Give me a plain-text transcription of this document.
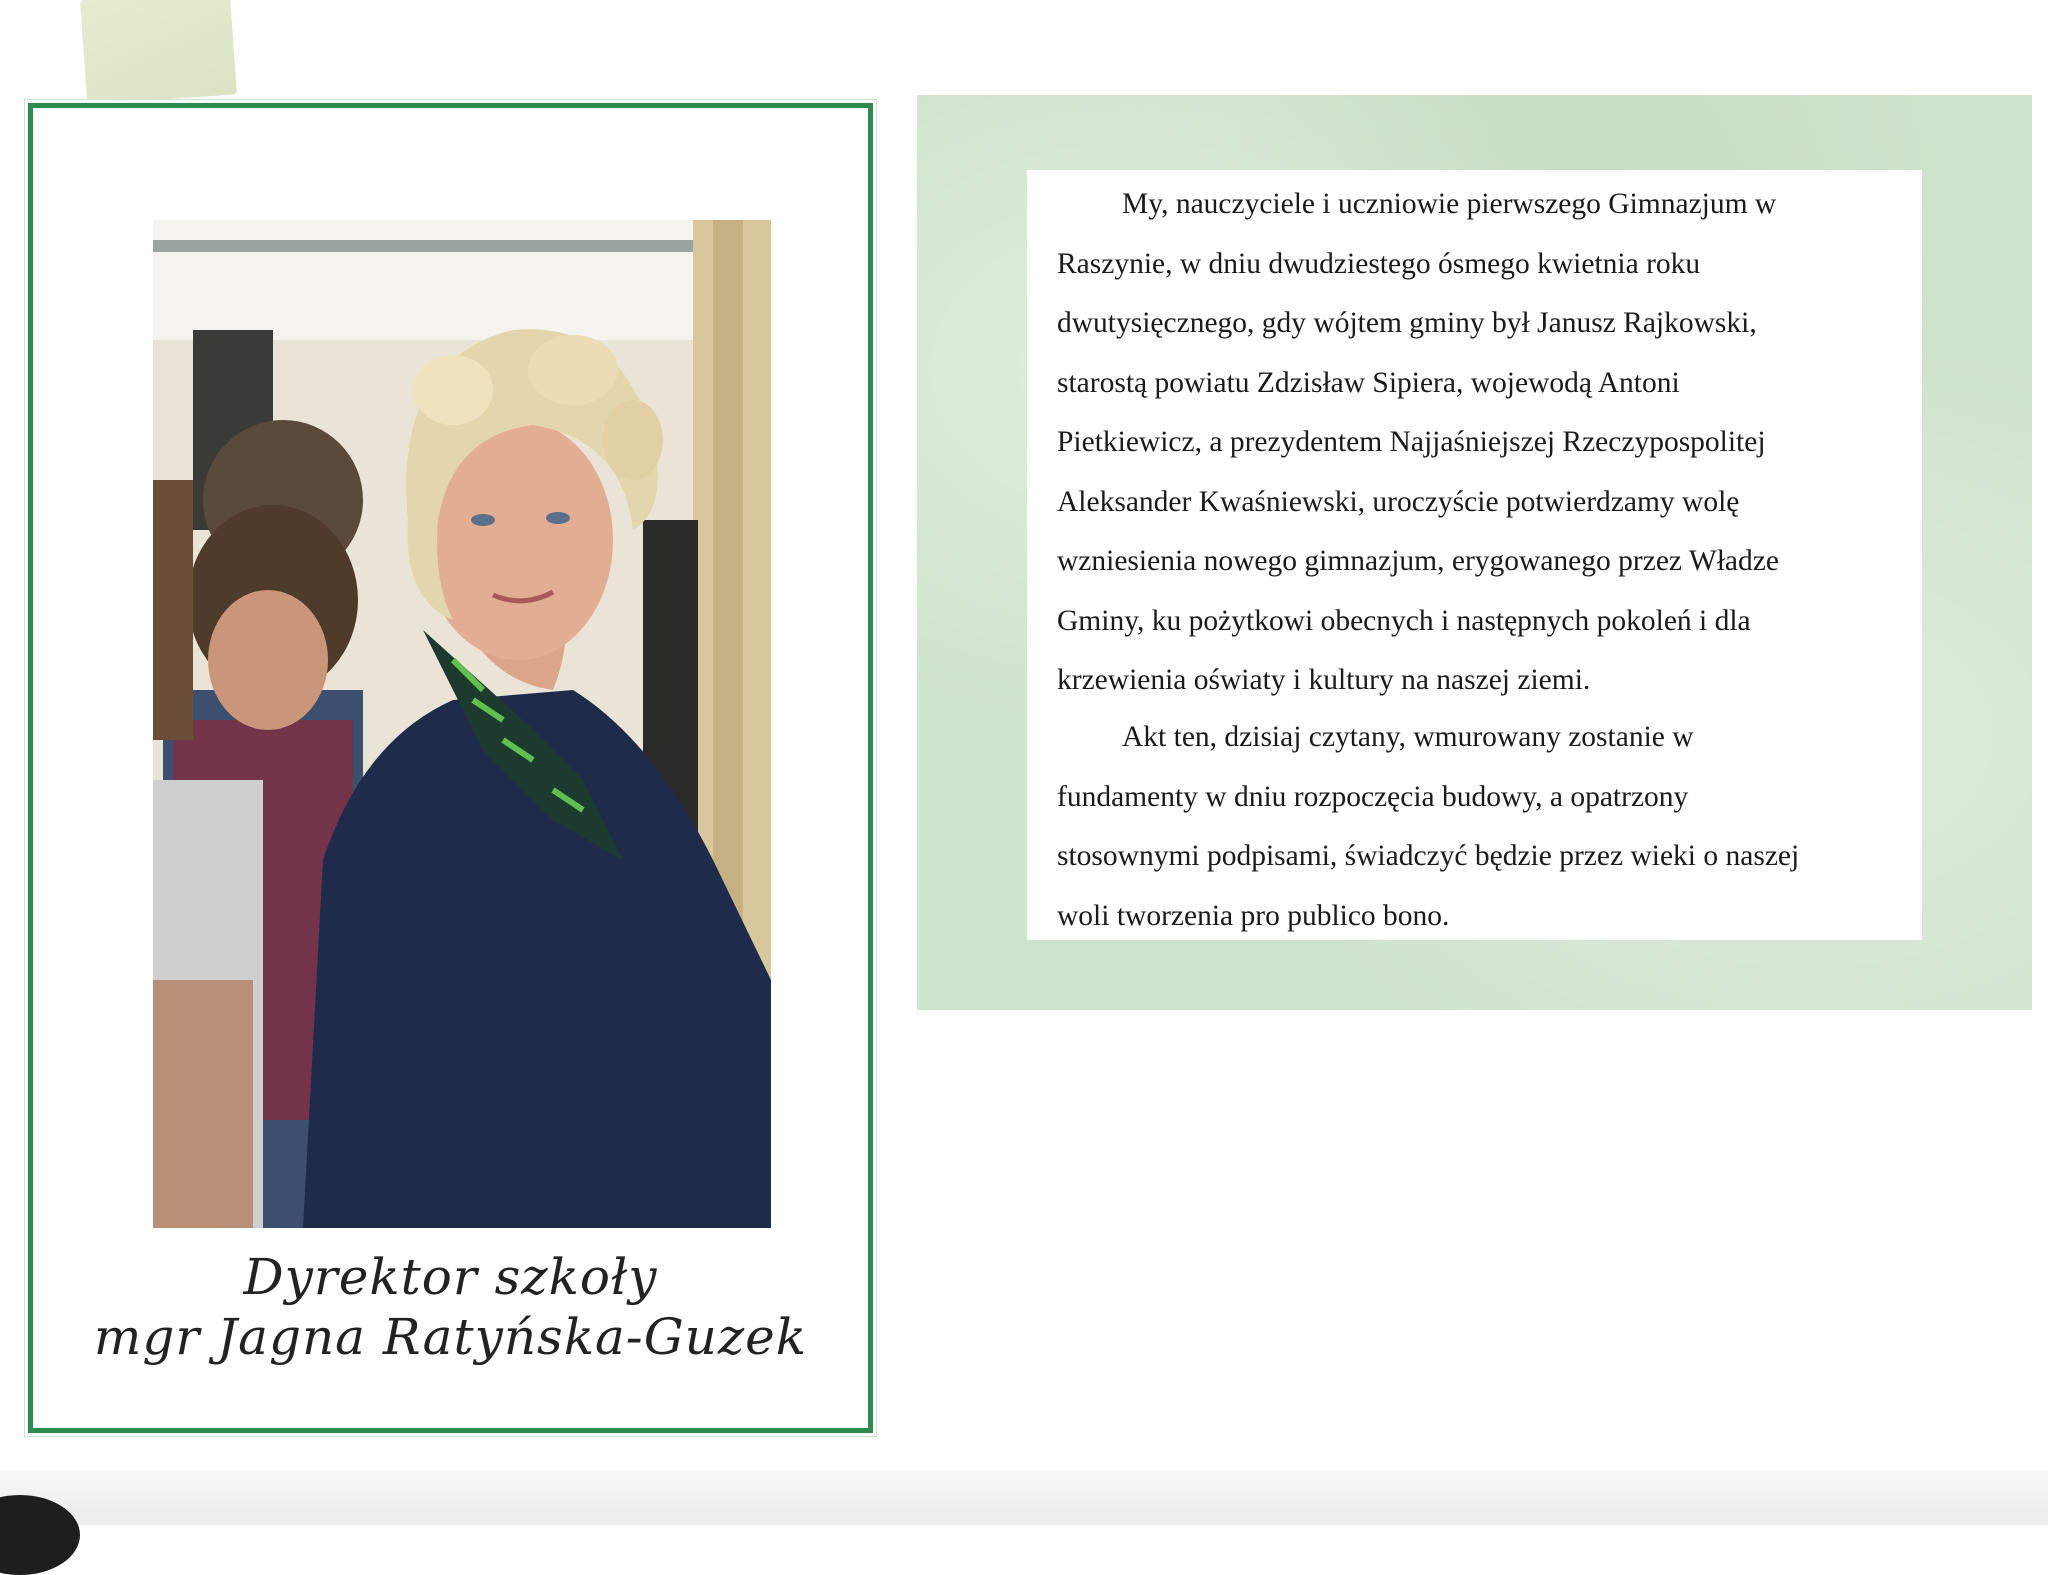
Dyrektor szkoły
mgr Jagna Ratyńska-Guzek
My, nauczyciele i uczniowie pierwszego Gimnazjum w
Raszynie, w dniu dwudziestego ósmego kwietnia roku
dwutysięcznego, gdy wójtem gminy był Janusz Rajkowski,
starostą powiatu Zdzisław Sipiera, wojewodą Antoni
Pietkiewicz, a prezydentem Najjaśniejszej Rzeczypospolitej
Aleksander Kwaśniewski, uroczyście potwierdzamy wolę
wzniesienia nowego gimnazjum, erygowanego przez Władze
Gminy, ku pożytkowi obecnych i następnych pokoleń i dla
krzewienia oświaty i kultury na naszej ziemi.
Akt ten, dzisiaj czytany, wmurowany zostanie w
fundamenty w dniu rozpoczęcia budowy, a opatrzony
stosownymi podpisami, świadczyć będzie przez wieki o naszej
woli tworzenia pro publico bono.
